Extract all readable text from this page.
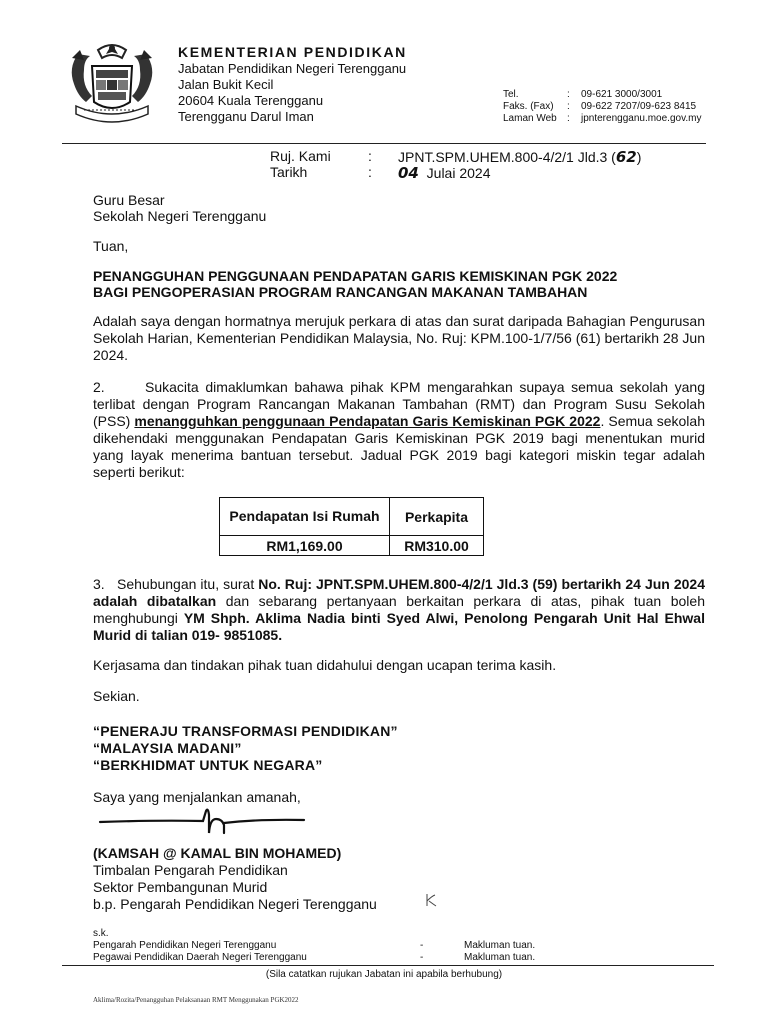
KEMENTERIAN PENDIDIKAN
Jabatan Pendidikan Negeri Terengganu
Jalan Bukit Kecil
20604 Kuala Terengganu
Terengganu Darul Iman
Tel.	: 09-621 3000/3001
Faks. (Fax) : 09-622 7207/09-623 8415
Laman Web : jpnterengganu.moe.gov.my
Ruj. Kami	: JPNT.SPM.UHEM.800-4/2/1 Jld.3 (62)
Tarikh	: 04 Julai 2024
Guru Besar
Sekolah Negeri Terengganu
Tuan,
PENANGGUHAN PENGGUNAAN PENDAPATAN GARIS KEMISKINAN PGK 2022
BAGI PENGOPERASIAN PROGRAM RANCANGAN MAKANAN TAMBAHAN
Adalah saya dengan hormatnya merujuk perkara di atas dan surat daripada Bahagian Pengurusan Sekolah Harian, Kementerian Pendidikan Malaysia, No. Ruj: KPM.100-1/7/56 (61) bertarikh 28 Jun 2024.
2.	Sukacita dimaklumkan bahawa pihak KPM mengarahkan supaya semua sekolah yang terlibat dengan Program Rancangan Makanan Tambahan (RMT) dan Program Susu Sekolah (PSS) menangguhkan penggunaan Pendapatan Garis Kemiskinan PGK 2022. Semua sekolah dikehendaki menggunakan Pendapatan Garis Kemiskinan PGK 2019 bagi menentukan murid yang layak menerima bantuan tersebut. Jadual PGK 2019 bagi kategori miskin tegar adalah seperti berikut:
Pendapatan Isi Rumah	Perkapita
RM1,169.00	RM310.00
3. Sehubungan itu, surat No. Ruj: JPNT.SPM.UHEM.800-4/2/1 Jld.3 (59) bertarikh 24 Jun 2024 adalah dibatalkan dan sebarang pertanyaan berkaitan perkara di atas, pihak tuan boleh menghubungi YM Shph. Aklima Nadia binti Syed Alwi, Penolong Pengarah Unit Hal Ehwal Murid di talian 019- 9851085.
Kerjasama dan tindakan pihak tuan didahului dengan ucapan terima kasih.
Sekian.
“PENERAJU TRANSFORMASI PENDIDIKAN”
“MALAYSIA MADANI”
“BERKHIDMAT UNTUK NEGARA”
Saya yang menjalankan amanah,
(KAMSAH @ KAMAL BIN MOHAMED)
Timbalan Pengarah Pendidikan
Sektor Pembangunan Murid
b.p. Pengarah Pendidikan Negeri Terengganu
s.k.
Pengarah Pendidikan Negeri Terengganu	-	Makluman tuan.
Pegawai Pendidikan Daerah Negeri Terengganu	-	Makluman tuan.
(Sila catatkan rujukan Jabatan ini apabila berhubung)
Aklima/Rozita/Penangguhan Pelaksanaan RMT Menggunakan PGK2022
